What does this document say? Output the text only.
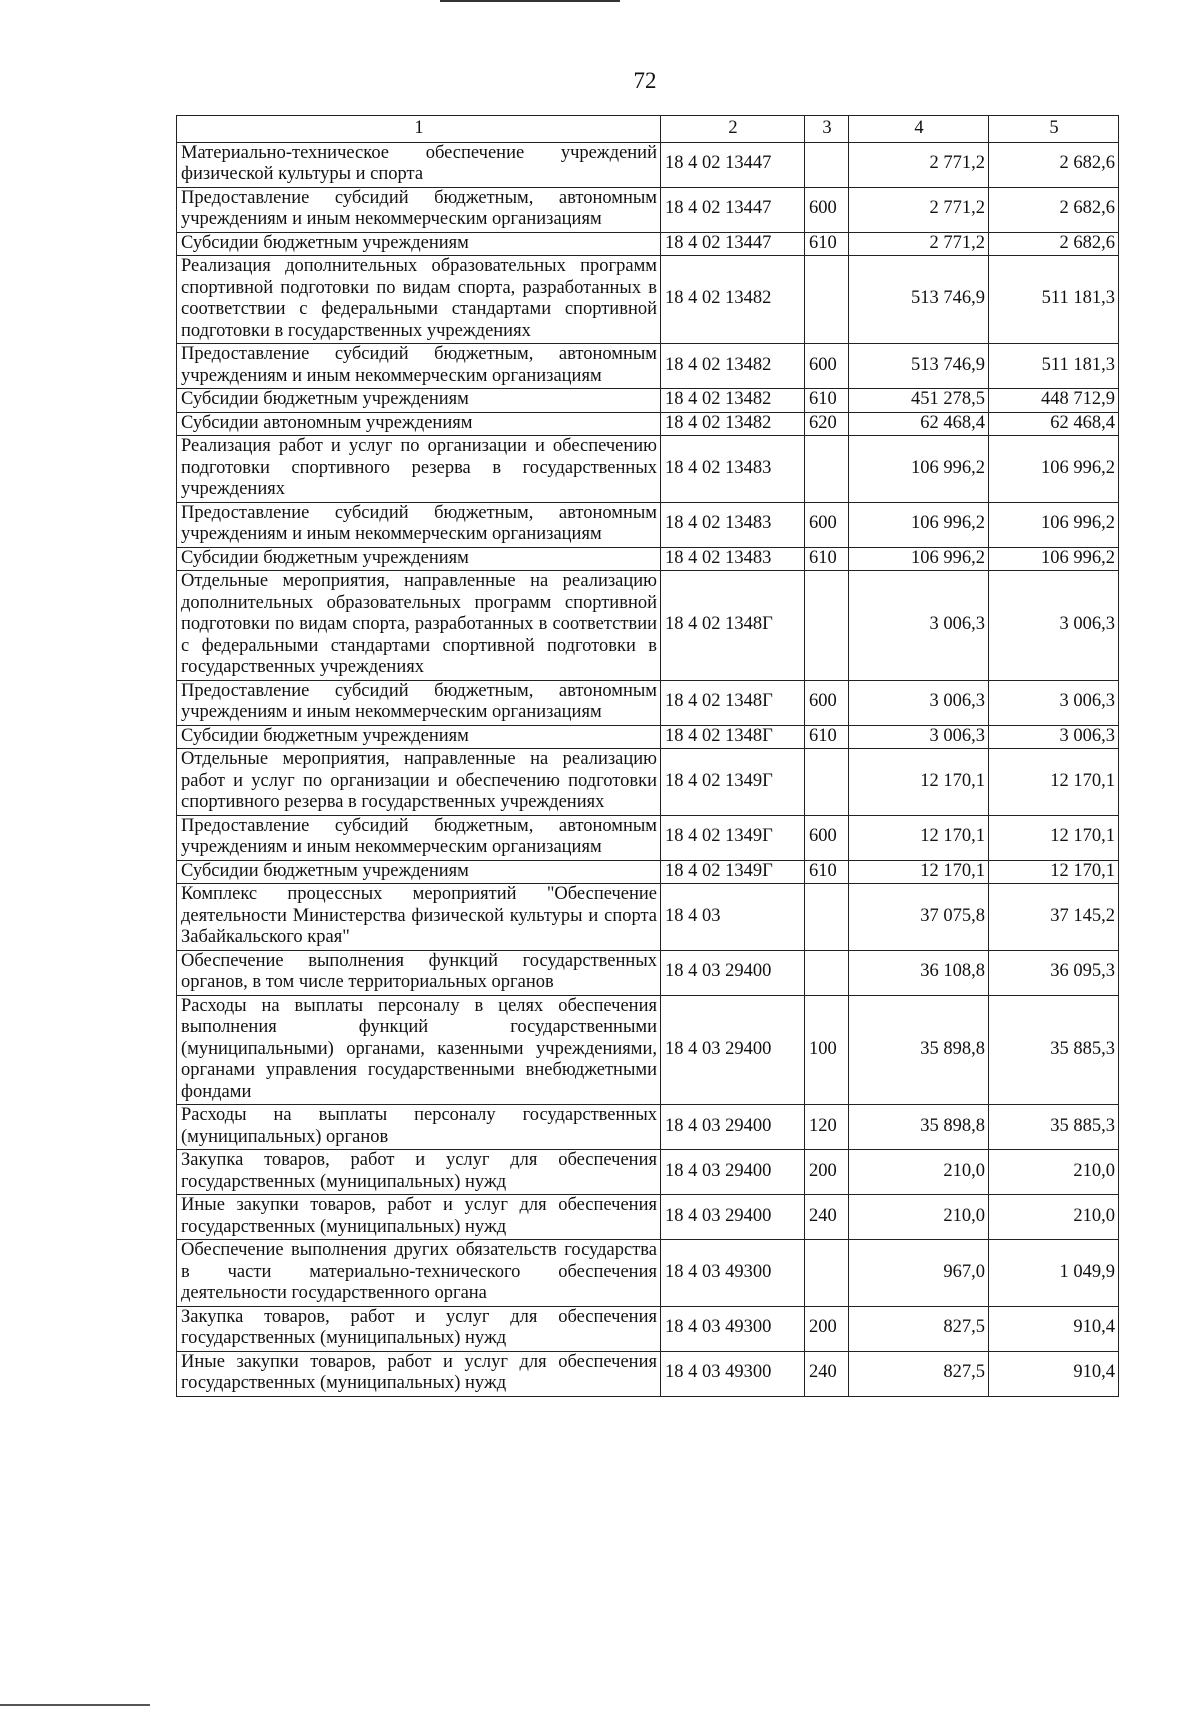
72
1	2	3	4	5
Материально-техническое обеспечение учреждений физической культуры и спорта	18 4 02 13447		2 771,2	2 682,6
Предоставление субсидий бюджетным, автономным учреждениям и иным некоммерческим организациям	18 4 02 13447	600	2 771,2	2 682,6
Субсидии бюджетным учреждениям	18 4 02 13447	610	2 771,2	2 682,6
Реализация дополнительных образовательных программ спортивной подготовки по видам спорта, разработанных в соответствии с федеральными стандартами спортивной подготовки в государственных учреждениях	18 4 02 13482		513 746,9	511 181,3
Предоставление субсидий бюджетным, автономным учреждениям и иным некоммерческим организациям	18 4 02 13482	600	513 746,9	511 181,3
Субсидии бюджетным учреждениям	18 4 02 13482	610	451 278,5	448 712,9
Субсидии автономным учреждениям	18 4 02 13482	620	62 468,4	62 468,4
Реализация работ и услуг по организации и обеспечению подготовки спортивного резерва в государственных учреждениях	18 4 02 13483		106 996,2	106 996,2
Предоставление субсидий бюджетным, автономным учреждениям и иным некоммерческим организациям	18 4 02 13483	600	106 996,2	106 996,2
Субсидии бюджетным учреждениям	18 4 02 13483	610	106 996,2	106 996,2
Отдельные мероприятия, направленные на реализацию дополнительных образовательных программ спортивной подготовки по видам спорта, разработанных в соответствии с федеральными стандартами спортивной подготовки в государственных учреждениях	18 4 02 1348Г		3 006,3	3 006,3
Предоставление субсидий бюджетным, автономным учреждениям и иным некоммерческим организациям	18 4 02 1348Г	600	3 006,3	3 006,3
Субсидии бюджетным учреждениям	18 4 02 1348Г	610	3 006,3	3 006,3
Отдельные мероприятия, направленные на реализацию работ и услуг по организации и обеспечению подготовки спортивного резерва в государственных учреждениях	18 4 02 1349Г		12 170,1	12 170,1
Предоставление субсидий бюджетным, автономным учреждениям и иным некоммерческим организациям	18 4 02 1349Г	600	12 170,1	12 170,1
Субсидии бюджетным учреждениям	18 4 02 1349Г	610	12 170,1	12 170,1
Комплекс процессных мероприятий "Обеспечение деятельности Министерства физической культуры и спорта Забайкальского края"	18 4 03		37 075,8	37 145,2
Обеспечение выполнения функций государственных органов, в том числе территориальных органов	18 4 03 29400		36 108,8	36 095,3
Расходы на выплаты персоналу в целях обеспечения выполнения функций государственными (муниципальными) органами, казенными учреждениями, органами управления государственными внебюджетными фондами	18 4 03 29400	100	35 898,8	35 885,3
Расходы на выплаты персоналу государственных (муниципальных) органов	18 4 03 29400	120	35 898,8	35 885,3
Закупка товаров, работ и услуг для обеспечения государственных (муниципальных) нужд	18 4 03 29400	200	210,0	210,0
Иные закупки товаров, работ и услуг для обеспечения государственных (муниципальных) нужд	18 4 03 29400	240	210,0	210,0
Обеспечение выполнения других обязательств государства в части материально-технического обеспечения деятельности государственного органа	18 4 03 49300		967,0	1 049,9
Закупка товаров, работ и услуг для обеспечения государственных (муниципальных) нужд	18 4 03 49300	200	827,5	910,4
Иные закупки товаров, работ и услуг для обеспечения государственных (муниципальных) нужд	18 4 03 49300	240	827,5	910,4
